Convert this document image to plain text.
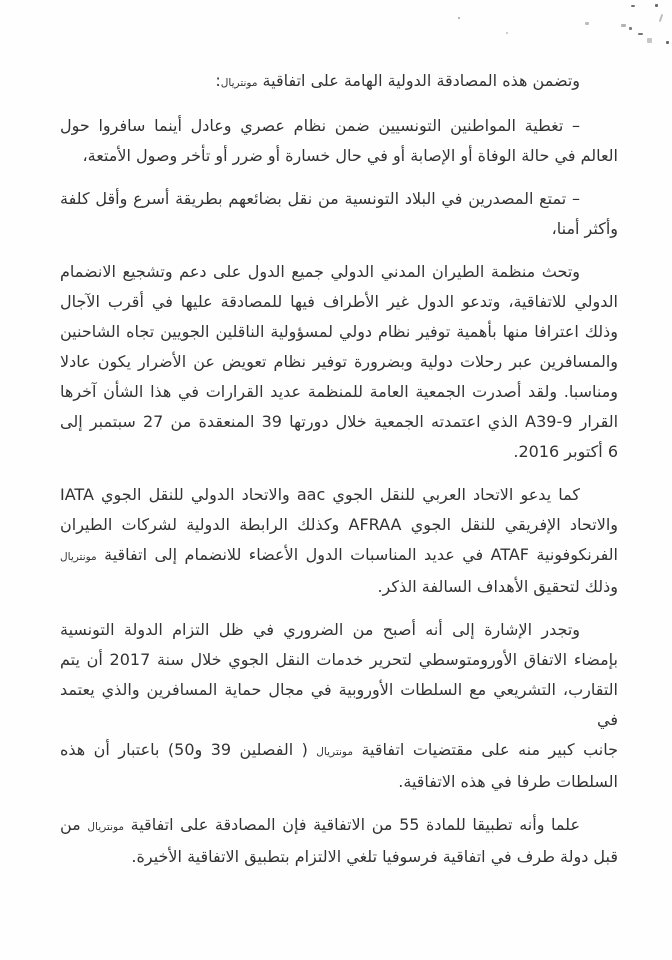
وتضمن هذه المصادقة الدولية الهامة على اتفاقية مونتريال:
– تغطية المواطنين التونسيين ضمن نظام عصري وعادل أينما سافروا حول
العالم في حالة الوفاة أو الإصابة أو في حال خسارة أو ضرر أو تأخر وصول الأمتعة،
– تمتع المصدرين في البلاد التونسية من نقل بضائعهم بطريقة أسرع وأقل كلفة
وأكثر أمنا،
وتحث منظمة الطيران المدني الدولي جميع الدول على دعم وتشجيع الانضمام
الدولي للاتفاقية، وتدعو الدول غير الأطراف فيها للمصادقة عليها في أقرب الآجال
وذلك اعترافا منها بأهمية توفير نظام دولي لمسؤولية الناقلين الجويين تجاه الشاحنين
والمسافرين عبر رحلات دولية وبضرورة توفير نظام تعويض عن الأضرار يكون عادلا
ومناسبا. ولقد أصدرت الجمعية العامة للمنظمة عديد القرارات في هذا الشأن آخرها
القرار A39-9 الذي اعتمدته الجمعية خلال دورتها 39 المنعقدة من 27 سبتمبر إلى
6 أكتوبر 2016.
كما يدعو الاتحاد العربي للنقل الجوي aac والاتحاد الدولي للنقل الجوي IATA
والاتحاد الإفريقي للنقل الجوي AFRAA وكذلك الرابطة الدولية لشركات الطيران
الفرنكوفونية ATAF في عديد المناسبات الدول الأعضاء للانضمام إلى اتفاقية مونتريال
وذلك لتحقيق الأهداف السالفة الذكر.
وتجدر الإشارة إلى أنه أصبح من الضروري في ظل التزام الدولة التونسية
بإمضاء الاتفاق الأورومتوسطي لتحرير خدمات النقل الجوي خلال سنة 2017 أن يتم
التقارب، التشريعي مع السلطات الأوروبية في مجال حماية المسافرين والذي يعتمد في
جانب كبير منه على مقتضيات اتفاقية مونتريال ( الفصلين 39 و50) باعتبار أن هذه
السلطات طرفا في هذه الاتفاقية.
علما وأنه تطبيقا للمادة 55 من الاتفاقية فإن المصادقة على اتفاقية مونتريال من
قبل دولة طرف في اتفاقية فرسوفيا تلغي الالتزام بتطبيق الاتفاقية الأخيرة.
